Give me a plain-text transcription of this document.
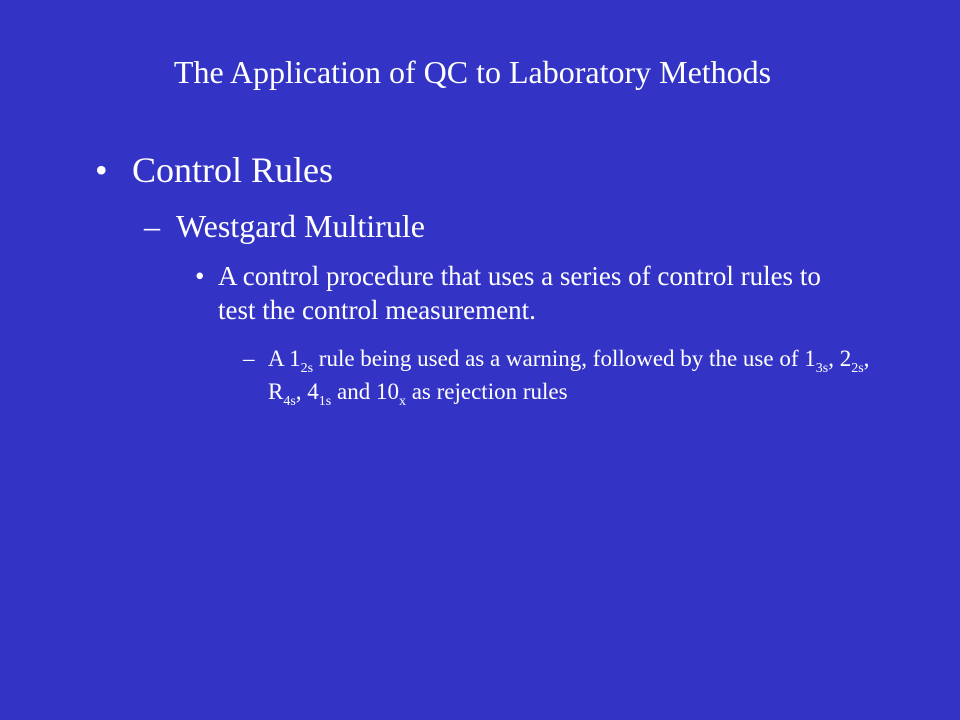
The Application of QC to Laboratory Methods
• Control Rules
– Westgard Multirule
• A control procedure that uses a series of control rules to test the control measurement.
– A $1_{2s}$ rule being used as a warning, followed by the use of $1_{3s}$, $2_{2s}$, $R_{4s}$, $4_{1s}$ and $10_x$ as rejection rules
